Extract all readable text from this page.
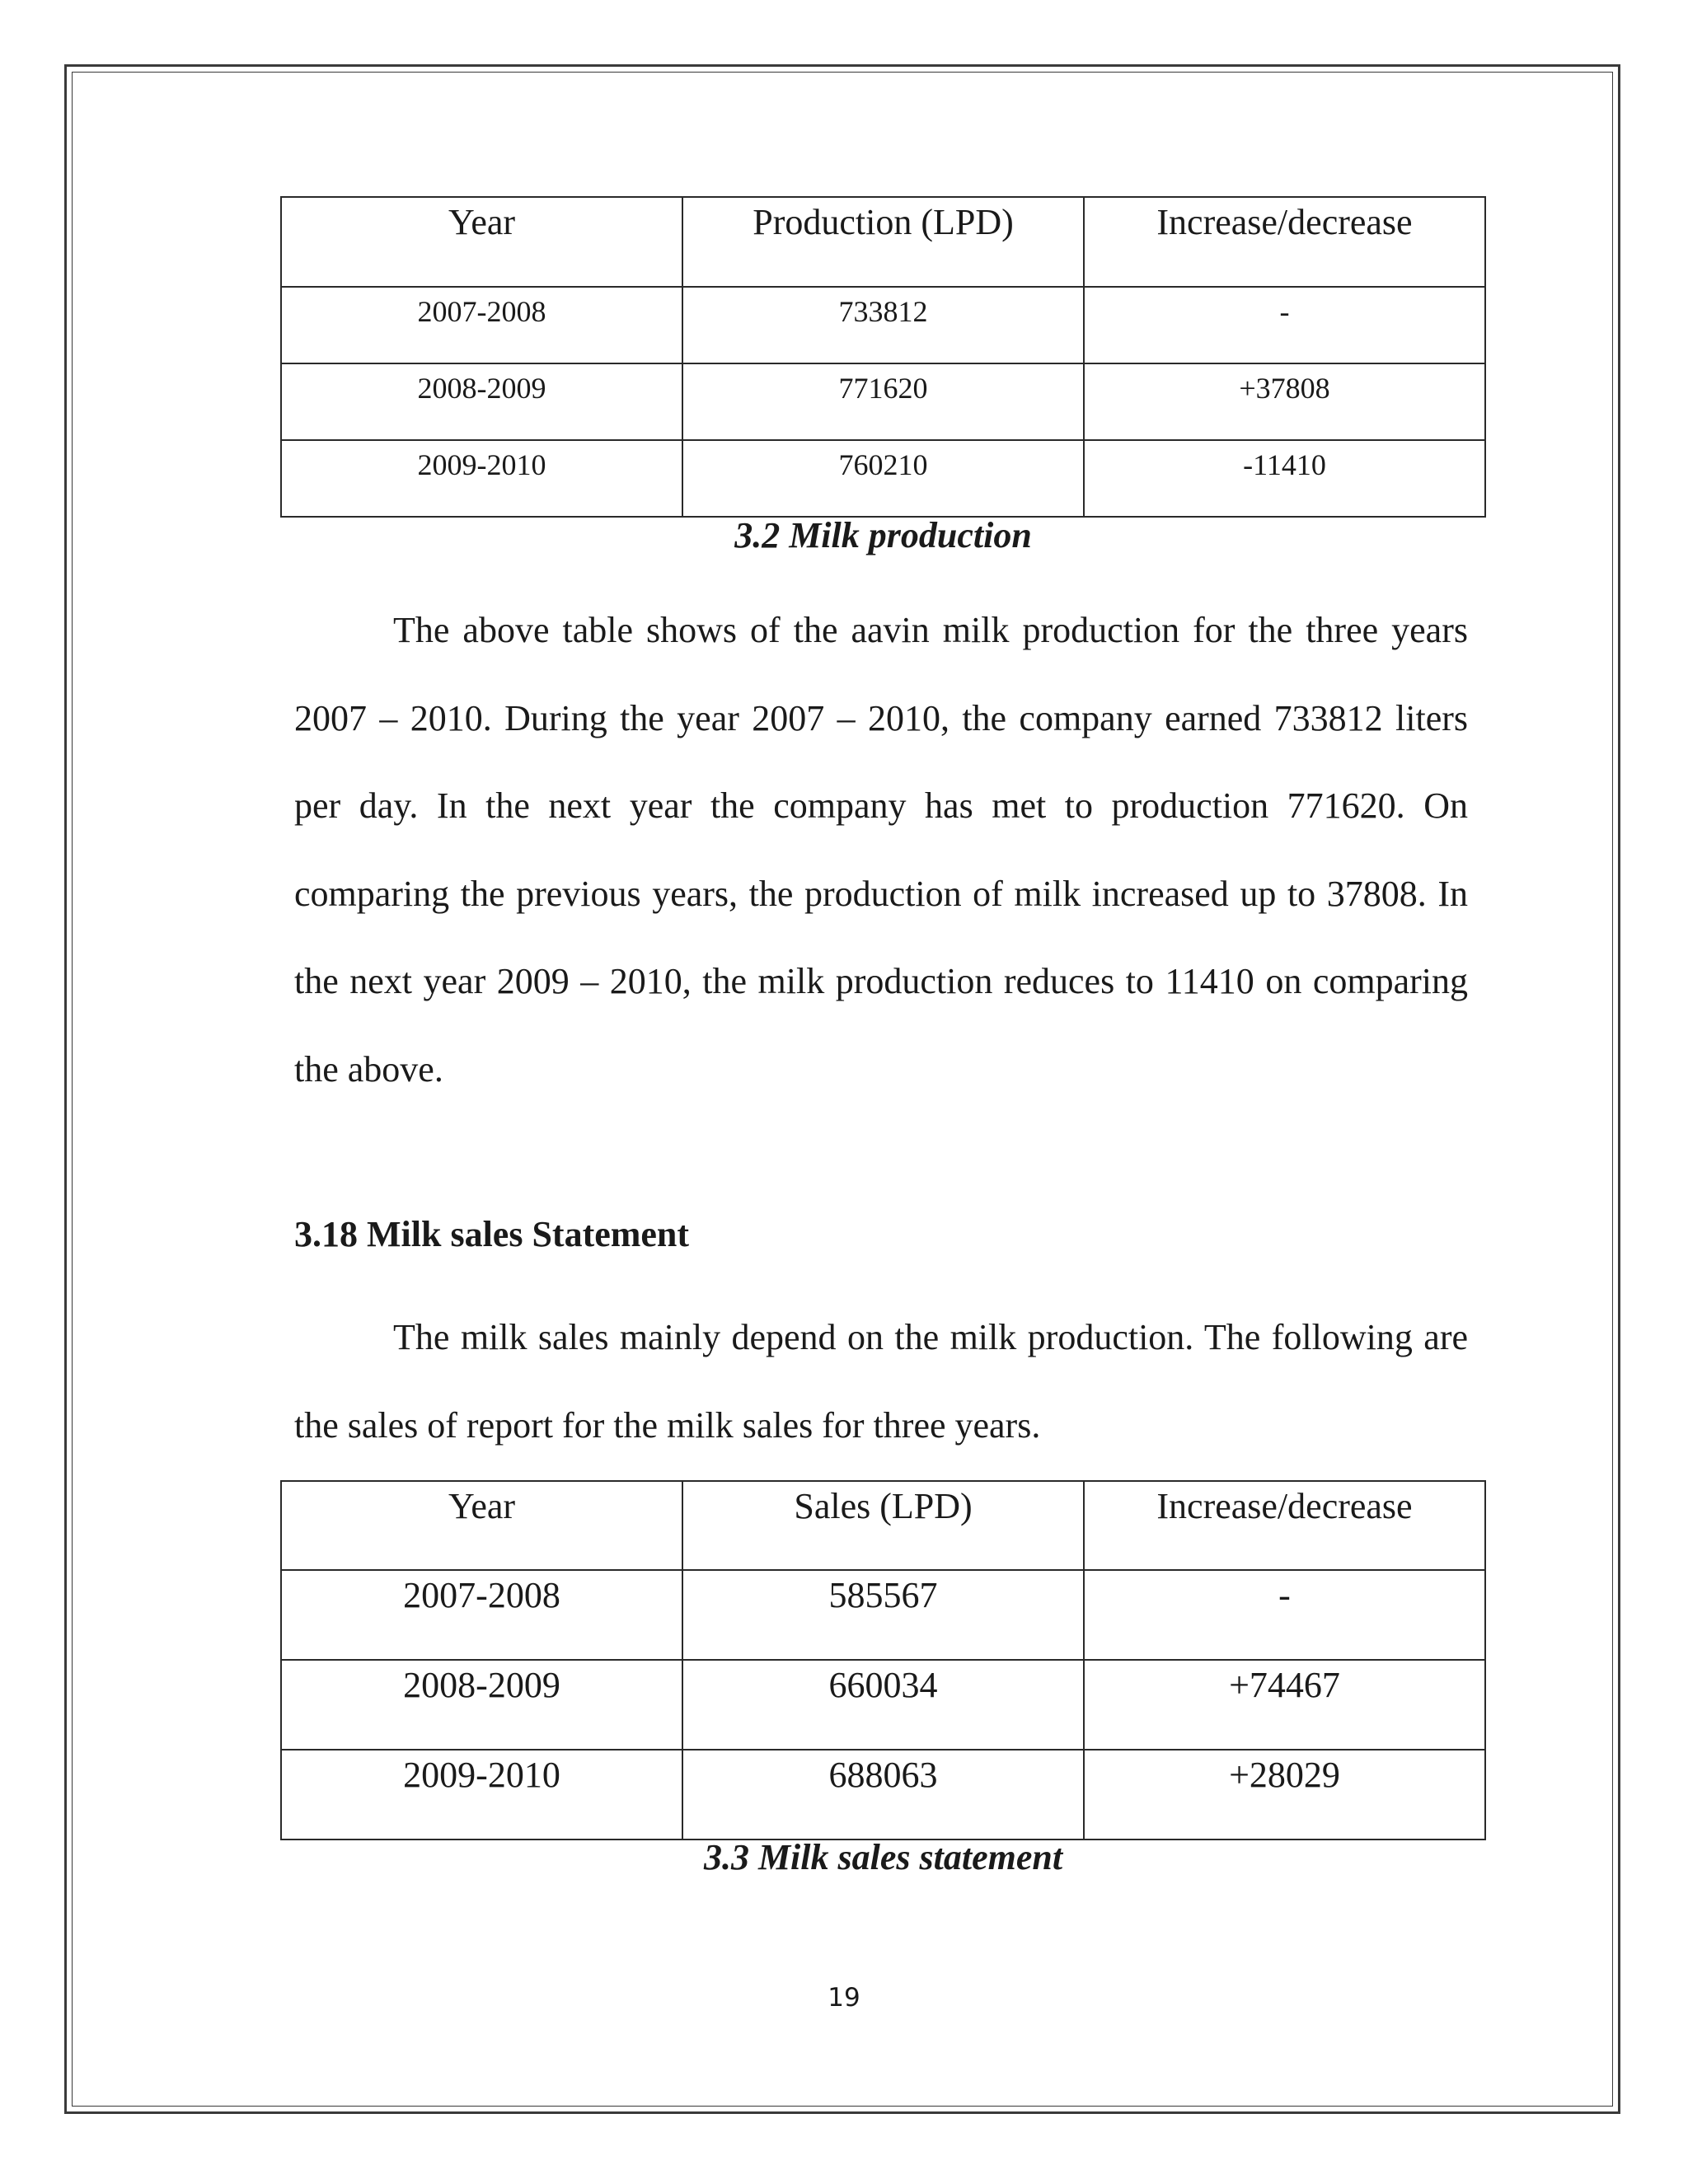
Year	Production (LPD)	Increase/decrease
2007-2008	733812	-
2008-2009	771620	+37808
2009-2010	760210	-11410
3.2 Milk production

The above table shows of the aavin milk production for the three years 2007 – 2010. During the year 2007 – 2010, the company earned 733812 liters per day. In the next year the company has met to production 771620. On comparing the previous years, the production of milk increased up to 37808. In the next year 2009 – 2010, the milk production reduces to 11410 on comparing the above.

3.18 Milk sales Statement

The milk sales mainly depend on the milk production. The following are the sales of report for the milk sales for three years.

Year	Sales (LPD)	Increase/decrease
2007-2008	585567	-
2008-2009	660034	+74467
2009-2010	688063	+28029
3.3 Milk sales statement
19
